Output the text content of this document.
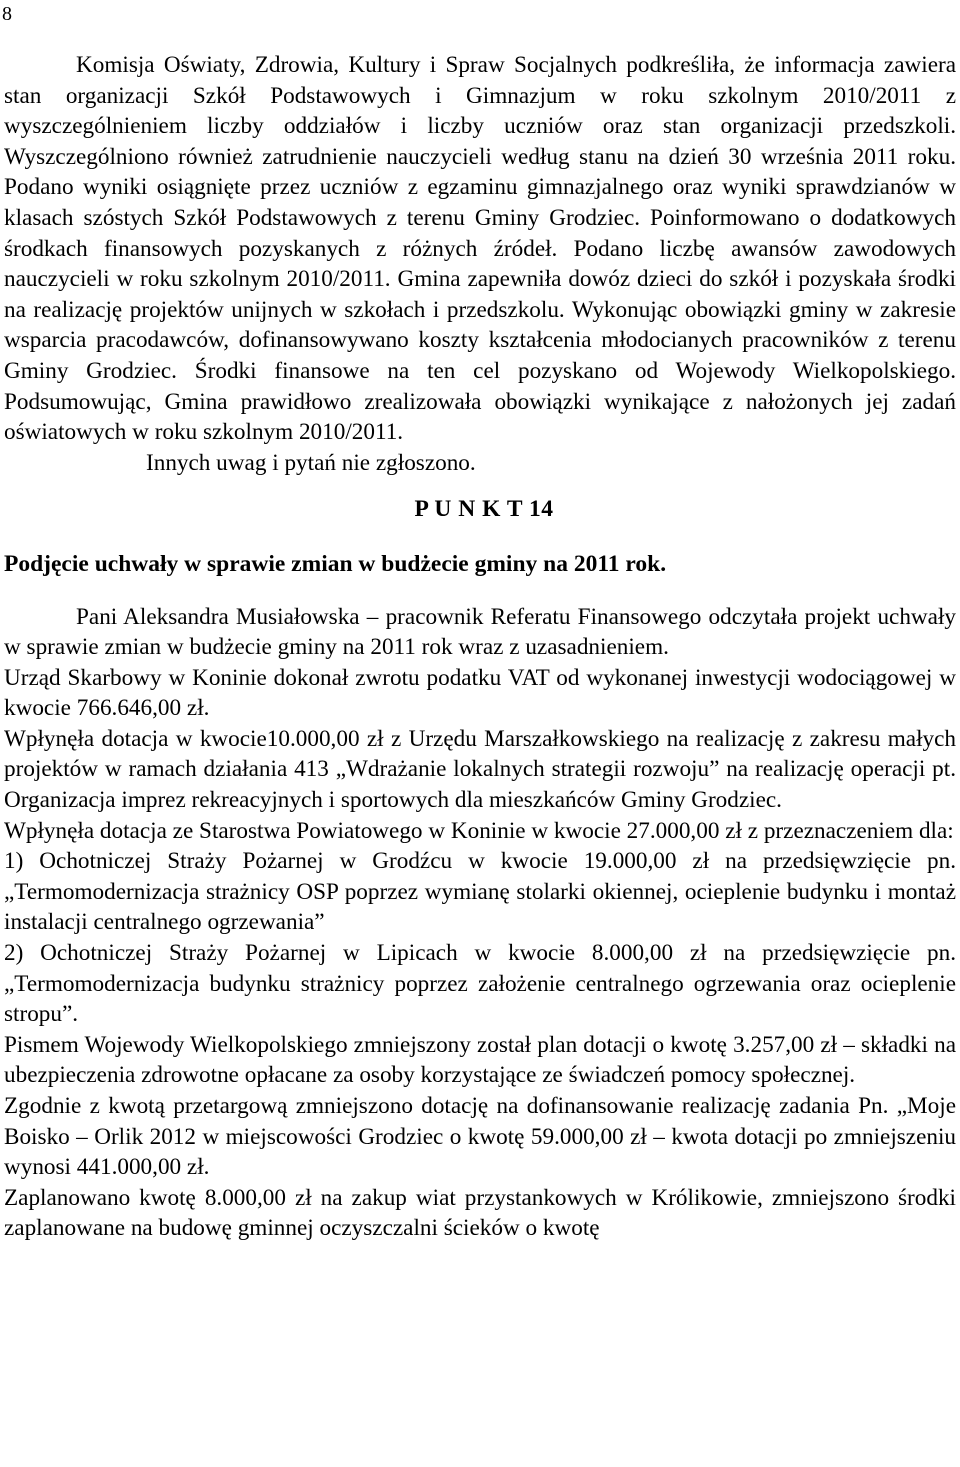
8

Komisja Oświaty, Zdrowia, Kultury i Spraw Socjalnych podkreśliła, że informacja zawiera stan organizacji Szkół Podstawowych i Gimnazjum w roku szkolnym 2010/2011 z wyszczególnieniem liczby oddziałów i liczby uczniów oraz stan organizacji przedszkoli. Wyszczególniono również zatrudnienie nauczycieli według stanu na dzień 30 września 2011 roku. Podano wyniki osiągnięte przez uczniów z egzaminu gimnazjalnego oraz wyniki sprawdzianów w klasach szóstych Szkół Podstawowych z terenu Gminy Grodziec. Poinformowano o dodatkowych środkach finansowych pozyskanych z różnych źródeł. Podano liczbę awansów zawodowych nauczycieli w roku szkolnym 2010/2011. Gmina zapewniła dowóz dzieci do szkół i pozyskała środki na realizację projektów unijnych w szkołach i przedszkolu. Wykonując obowiązki gminy w zakresie wsparcia pracodawców, dofinansowywano koszty kształcenia młodocianych pracowników z terenu Gminy Grodziec. Środki finansowe na ten cel pozyskano od Wojewody Wielkopolskiego. Podsumowując, Gmina prawidłowo zrealizowała obowiązki wynikające z nałożonych jej zadań oświatowych w roku szkolnym 2010/2011.

Innych uwag i pytań nie zgłoszono.

P U N K T 14

Podjęcie uchwały w sprawie zmian w budżecie gminy na 2011 rok.

Pani Aleksandra Musiałowska – pracownik Referatu Finansowego odczytała projekt uchwały w sprawie zmian w budżecie gminy na 2011 rok wraz z uzasadnieniem.

Urząd Skarbowy w Koninie dokonał zwrotu podatku VAT od wykonanej inwestycji wodociągowej w kwocie 766.646,00 zł.

Wpłynęła dotacja w kwocie10.000,00 zł z Urzędu Marszałkowskiego na realizację z zakresu małych projektów w ramach działania 413 „Wdrażanie lokalnych strategii rozwoju” na realizację operacji pt. Organizacja imprez rekreacyjnych i sportowych dla mieszkańców Gminy Grodziec.

Wpłynęła dotacja ze Starostwa Powiatowego w Koninie w kwocie 27.000,00 zł z przeznaczeniem dla:

1) Ochotniczej Straży Pożarnej w Grodźcu w kwocie 19.000,00 zł na przedsięwzięcie pn. „Termomodernizacja strażnicy OSP poprzez wymianę stolarki okiennej, ocieplenie budynku i montaż instalacji centralnego ogrzewania”

2) Ochotniczej Straży Pożarnej w Lipicach w kwocie 8.000,00 zł na przedsięwzięcie pn. „Termomodernizacja budynku strażnicy poprzez założenie centralnego ogrzewania oraz ocieplenie stropu”.

Pismem Wojewody Wielkopolskiego zmniejszony został plan dotacji o kwotę 3.257,00 zł – składki na ubezpieczenia zdrowotne opłacane za osoby korzystające ze świadczeń pomocy społecznej.

Zgodnie z kwotą przetargową zmniejszono dotację na dofinansowanie realizację zadania Pn. „Moje Boisko – Orlik 2012 w miejscowości Grodziec o kwotę 59.000,00 zł – kwota dotacji po zmniejszeniu wynosi 441.000,00 zł.

Zaplanowano kwotę 8.000,00 zł na zakup wiat przystankowych w Królikowie, zmniejszono środki zaplanowane na budowę gminnej oczyszczalni ścieków o kwotę
